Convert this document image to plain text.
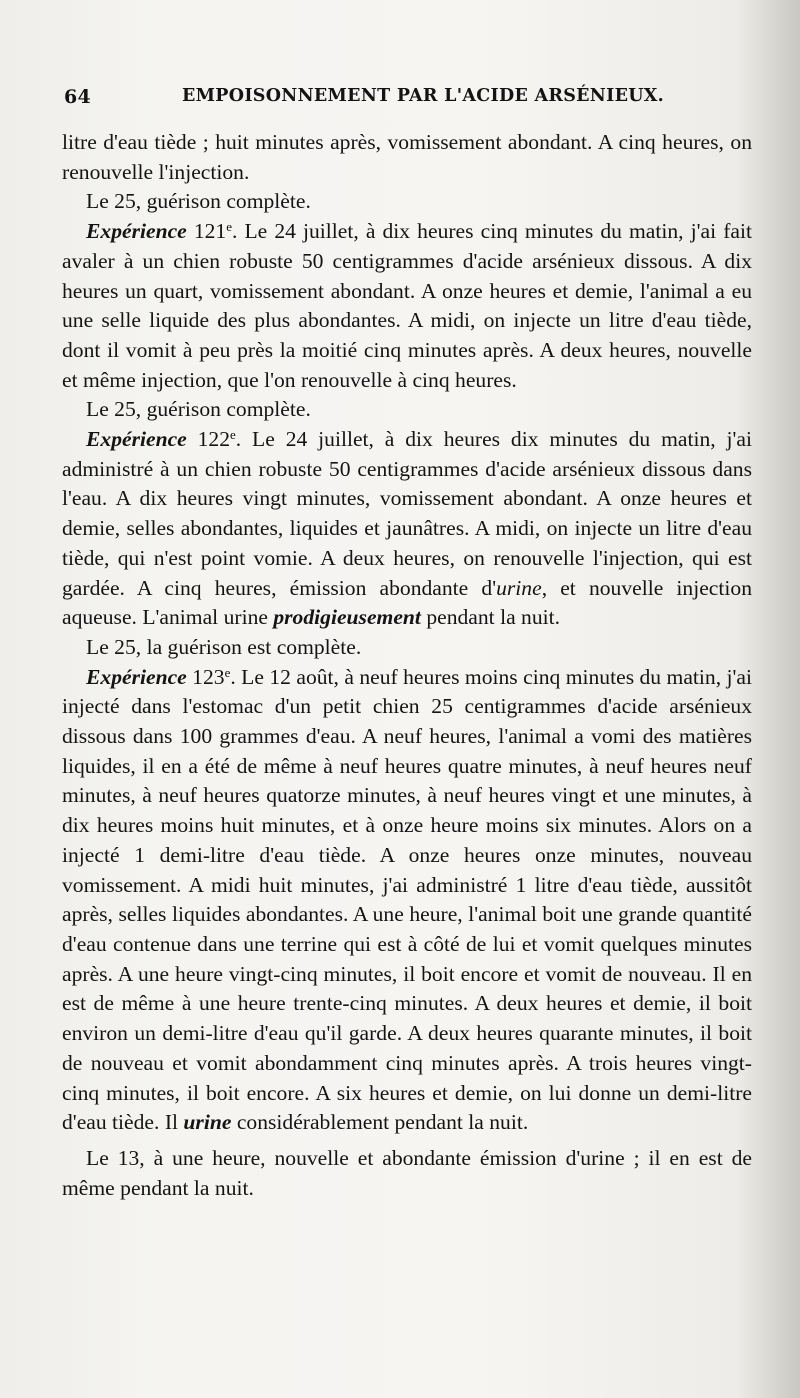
64	EMPOISONNEMENT PAR L'ACIDE ARSÉNIEUX.

litre d'eau tiède ; huit minutes après, vomissement abondant. A cinq heures, on renouvelle l'injection.

Le 25, guérison complète.

Expérience 121e. Le 24 juillet, à dix heures cinq minutes du matin, j'ai fait avaler à un chien robuste 50 centigrammes d'acide arsénieux dissous. A dix heures un quart, vomissement abondant. A onze heures et demie, l'animal a eu une selle liquide des plus abondantes. A midi, on injecte un litre d'eau tiède, dont il vomit à peu près la moitié cinq minutes après. A deux heures, nouvelle et même injection, que l'on renouvelle à cinq heures.

Le 25, guérison complète.

Expérience 122e. Le 24 juillet, à dix heures dix minutes du matin, j'ai administré à un chien robuste 50 centigrammes d'acide arsénieux dissous dans l'eau. A dix heures vingt minutes, vomissement abondant. A onze heures et demie, selles abondantes, liquides et jaunâtres. A midi, on injecte un litre d'eau tiède, qui n'est point vomie. A deux heures, on renouvelle l'injection, qui est gardée. A cinq heures, émission abondante d'urine, et nouvelle injection aqueuse. L'animal urine prodigieusement pendant la nuit.

Le 25, la guérison est complète.

Expérience 123e. Le 12 août, à neuf heures moins cinq minutes du matin, j'ai injecté dans l'estomac d'un petit chien 25 centigrammes d'acide arsénieux dissous dans 100 grammes d'eau. A neuf heures, l'animal a vomi des matières liquides, il en a été de même à neuf heures quatre minutes, à neuf heures neuf minutes, à neuf heures quatorze minutes, à neuf heures vingt et une minutes, à dix heures moins huit minutes, et à onze heure moins six minutes. Alors on a injecté 1 demi-litre d'eau tiède. A onze heures onze minutes, nouveau vomissement. A midi huit minutes, j'ai administré 1 litre d'eau tiède, aussitôt après, selles liquides abondantes. A une heure, l'animal boit une grande quantité d'eau contenue dans une terrine qui est à côté de lui et vomit quelques minutes après. A une heure vingt-cinq minutes, il boit encore et vomit de nouveau. Il en est de même à une heure trente-cinq minutes. A deux heures et demie, il boit environ un demi-litre d'eau qu'il garde. A deux heures quarante minutes, il boit de nouveau et vomit abondamment cinq minutes après. A trois heures vingt-cinq minutes, il boit encore. A six heures et demie, on lui donne un demi-litre d'eau tiède. Il urine considérablement pendant la nuit.

Le 13, à une heure, nouvelle et abondante émission d'urine ; il en est de même pendant la nuit.
